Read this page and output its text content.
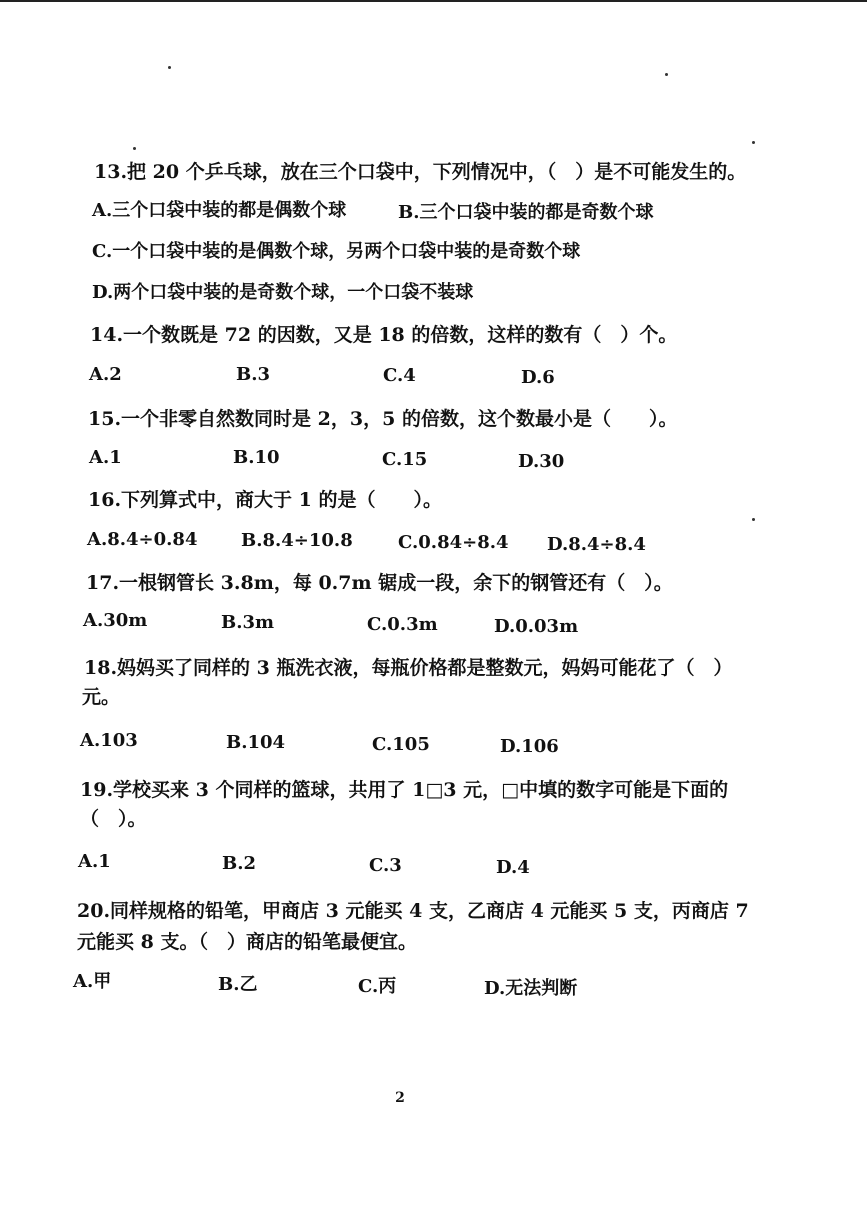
13.把 20 个乒乓球，放在三个口袋中，下列情况中，（　）是不可能发生的。
A.三个口袋中装的都是偶数个球	B.三个口袋中装的都是奇数个球
C.一个口袋中装的是偶数个球，另两个口袋中装的是奇数个球
D.两个口袋中装的是奇数个球，一个口袋不装球
14.一个数既是 72 的因数，又是 18 的倍数，这样的数有（　）个。
A.2	B.3	C.4	D.6
15.一个非零自然数同时是 2，3，5 的倍数，这个数最小是（　　）。
A.1	B.10	C.15	D.30
16.下列算式中，商大于 1 的是（　　）。
A.8.4÷0.84 B.8.4÷10.8	C.0.84÷8.4 D.8.4÷8.4
17.一根钢管长 3.8m，每 0.7m 锯成一段，余下的钢管还有（　）。
A.30m	B.3m	C.0.3m	D.0.03m
18.妈妈买了同样的 3 瓶洗衣液，每瓶价格都是整数元，妈妈可能花了（　）
元。
A.103	B.104	C.105	D.106
19.学校买来 3 个同样的篮球，共用了 1□3 元，□中填的数字可能是下面的
（　）。
A.1	B.2	C.3	D.4
20.同样规格的铅笔，甲商店 3 元能买 4 支，乙商店 4 元能买 5 支，丙商店 7
元能买 8 支。（　）商店的铅笔最便宜。
A.甲	B.乙	C.丙	D.无法判断
2
